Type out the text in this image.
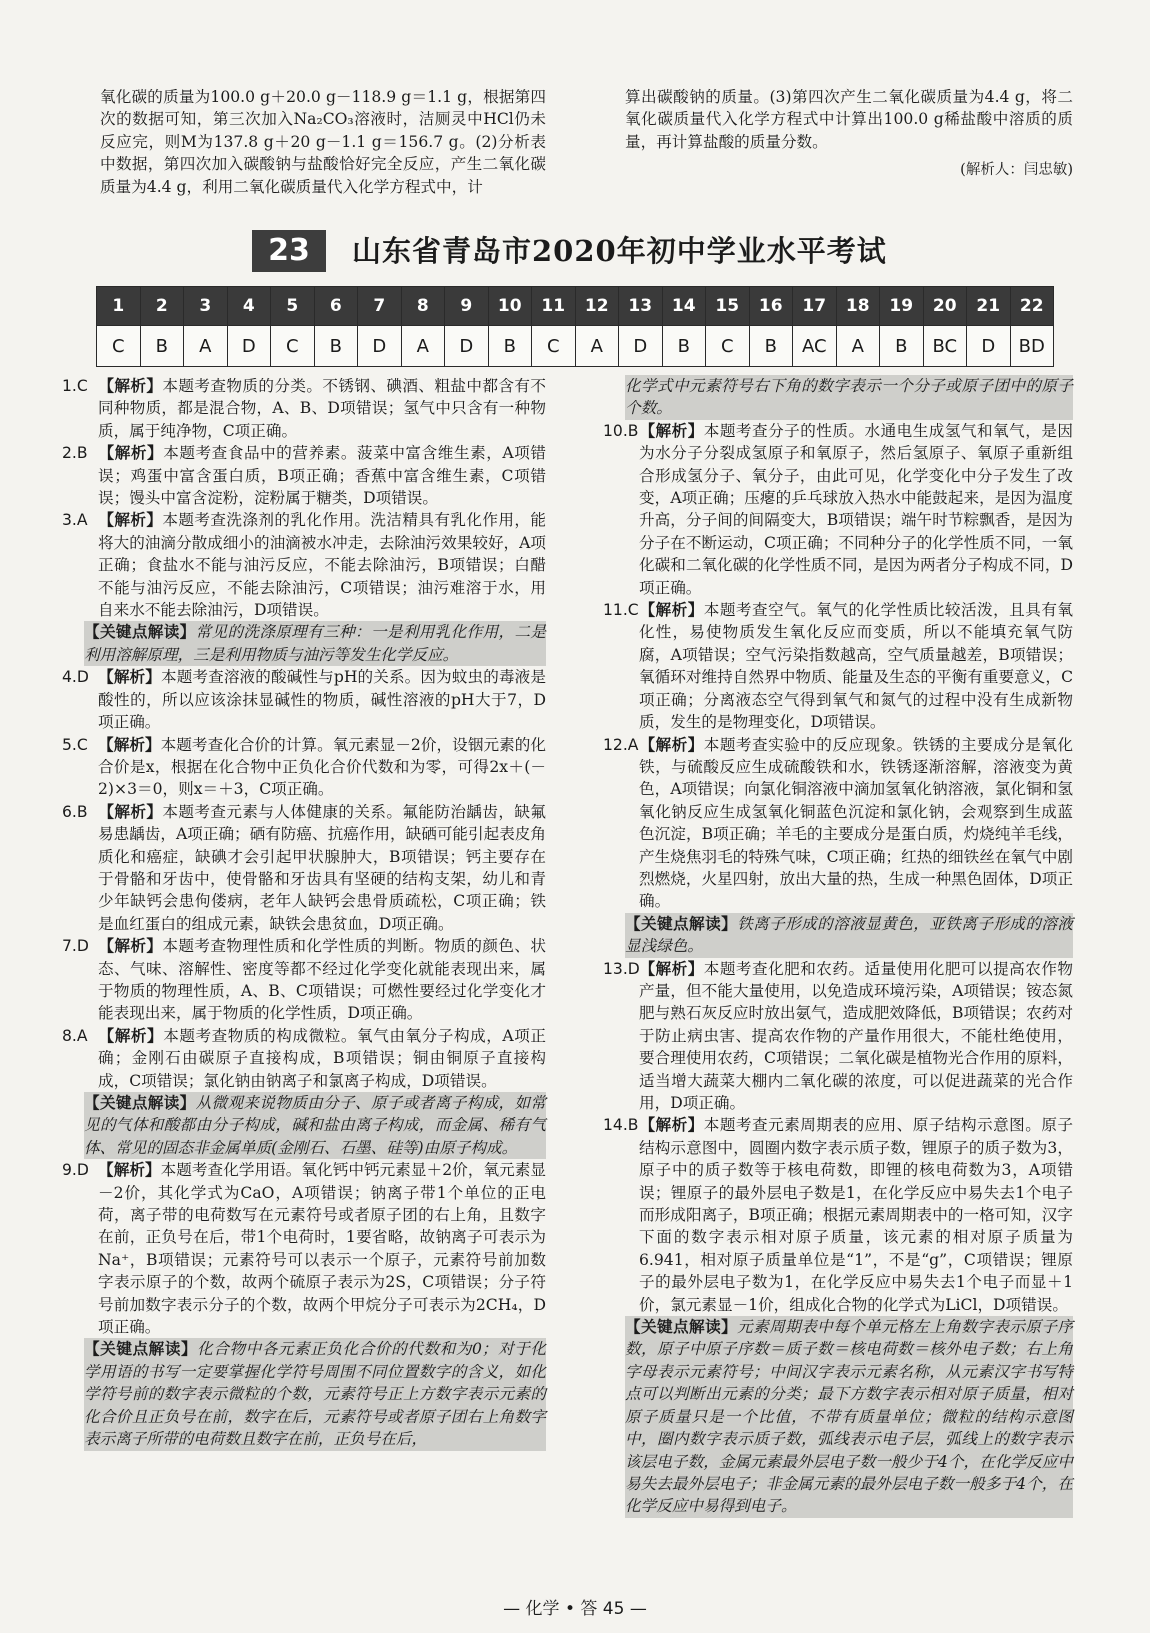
氧化碳的质量为100.0 g＋20.0 g－118.9 g＝1.1 g，根据第四次的数据可知，第三次加入Na₂CO₃溶液时，洁厕灵中HCl仍未反应完，则M为137.8 g＋20 g－1.1 g＝156.7 g。(2)分析表中数据，第四次加入碳酸钠与盐酸恰好完全反应，产生二氧化碳质量为4.4 g，利用二氧化碳质量代入化学方程式中，计

算出碳酸钠的质量。(3)第四次产生二氧化碳质量为4.4 g，将二氧化碳质量代入化学方程式中计算出100.0 g稀盐酸中溶质的质量，再计算盐酸的质量分数。

(解析人：闫忠敏)

23	山东省青岛市2020年初中学业水平考试
1	2	3	4	5	6	7	8	9	10	11	12	13	14	15	16	17	18	19	20	21	22
C	B	A	D	C	B	D	A	D	B	C	A	D	B	C	B	AC	A	B	BC	D	BD

1.C 【解析】本题考查物质的分类。不锈钢、碘酒、粗盐中都含有不同种物质，都是混合物，A、B、D项错误；氢气中只含有一种物质，属于纯净物，C项正确。

2.B 【解析】本题考查食品中的营养素。菠菜中富含维生素，A项错误；鸡蛋中富含蛋白质，B项正确；香蕉中富含维生素，C项错误；馒头中富含淀粉，淀粉属于糖类，D项错误。

3.A 【解析】本题考查洗涤剂的乳化作用。洗洁精具有乳化作用，能将大的油滴分散成细小的油滴被水冲走，去除油污效果较好，A项正确；食盐水不能与油污反应，不能去除油污，B项错误；白醋不能与油污反应，不能去除油污，C项错误；油污难溶于水，用自来水不能去除油污，D项错误。

【关键点解读】常见的洗涤原理有三种：一是利用乳化作用，二是利用溶解原理，三是利用物质与油污等发生化学反应。

4.D 【解析】本题考查溶液的酸碱性与pH的关系。因为蚊虫的毒液是酸性的，所以应该涂抹显碱性的物质，碱性溶液的pH大于7，D项正确。

5.C 【解析】本题考查化合价的计算。氧元素显－2价，设铟元素的化合价是x，根据在化合物中正负化合价代数和为零，可得2x＋(－2)×3＝0，则x＝＋3，C项正确。

6.B 【解析】本题考查元素与人体健康的关系。氟能防治龋齿，缺氟易患龋齿，A项正确；硒有防癌、抗癌作用，缺硒可能引起表皮角质化和癌症，缺碘才会引起甲状腺肿大，B项错误；钙主要存在于骨骼和牙齿中，使骨骼和牙齿具有坚硬的结构支架，幼儿和青少年缺钙会患佝偻病，老年人缺钙会患骨质疏松，C项正确；铁是血红蛋白的组成元素，缺铁会患贫血，D项正确。

7.D 【解析】本题考查物理性质和化学性质的判断。物质的颜色、状态、气味、溶解性、密度等都不经过化学变化就能表现出来，属于物质的物理性质，A、B、C项错误；可燃性要经过化学变化才能表现出来，属于物质的化学性质，D项正确。

8.A 【解析】本题考查物质的构成微粒。氧气由氧分子构成，A项正确；金刚石由碳原子直接构成，B项错误；铜由铜原子直接构成，C项错误；氯化钠由钠离子和氯离子构成，D项错误。

【关键点解读】从微观来说物质由分子、原子或者离子构成，如常见的气体和酸都由分子构成，碱和盐由离子构成，而金属、稀有气体、常见的固态非金属单质(金刚石、石墨、硅等)由原子构成。

9.D 【解析】本题考查化学用语。氧化钙中钙元素显＋2价，氧元素显－2价，其化学式为CaO，A项错误；钠离子带1个单位的正电荷，离子带的电荷数写在元素符号或者原子团的右上角，且数字在前，正负号在后，带1个电荷时，1要省略，故钠离子可表示为Na⁺，B项错误；元素符号可以表示一个原子，元素符号前加数字表示原子的个数，故两个硫原子表示为2S，C项错误；分子符号前加数字表示分子的个数，故两个甲烷分子可表示为2CH₄，D项正确。

【关键点解读】化合物中各元素正负化合价的代数和为0；对于化学用语的书写一定要掌握化学符号周围不同位置数字的含义，如化学符号前的数字表示微粒的个数，元素符号正上方数字表示元素的化合价且正负号在前，数字在后，元素符号或者原子团右上角数字表示离子所带的电荷数且数字在前，正负号在后，

化学式中元素符号右下角的数字表示一个分子或原子团中的原子个数。

10.B【解析】本题考查分子的性质。水通电生成氢气和氧气，是因为水分子分裂成氢原子和氧原子，然后氢原子、氧原子重新组合形成氢分子、氧分子，由此可见，化学变化中分子发生了改变，A项正确；压瘪的乒乓球放入热水中能鼓起来，是因为温度升高，分子间的间隔变大，B项错误；端午时节粽飘香，是因为分子在不断运动，C项正确；不同种分子的化学性质不同，一氧化碳和二氧化碳的化学性质不同，是因为两者分子构成不同，D项正确。

11.C【解析】本题考查空气。氧气的化学性质比较活泼，且具有氧化性，易使物质发生氧化反应而变质，所以不能填充氧气防腐，A项错误；空气污染指数越高，空气质量越差，B项错误；氧循环对维持自然界中物质、能量及生态的平衡有重要意义，C项正确；分离液态空气得到氧气和氮气的过程中没有生成新物质，发生的是物理变化，D项错误。

12.A【解析】本题考查实验中的反应现象。铁锈的主要成分是氧化铁，与硫酸反应生成硫酸铁和水，铁锈逐渐溶解，溶液变为黄色，A项错误；向氯化铜溶液中滴加氢氧化钠溶液，氯化铜和氢氧化钠反应生成氢氧化铜蓝色沉淀和氯化钠，会观察到生成蓝色沉淀，B项正确；羊毛的主要成分是蛋白质，灼烧纯羊毛线，产生烧焦羽毛的特殊气味，C项正确；红热的细铁丝在氧气中剧烈燃烧，火星四射，放出大量的热，生成一种黑色固体，D项正确。

【关键点解读】铁离子形成的溶液显黄色，亚铁离子形成的溶液显浅绿色。

13.D【解析】本题考查化肥和农药。适量使用化肥可以提高农作物产量，但不能大量使用，以免造成环境污染，A项错误；铵态氮肥与熟石灰反应时放出氨气，造成肥效降低，B项错误；农药对于防止病虫害、提高农作物的产量作用很大，不能杜绝使用，要合理使用农药，C项错误；二氧化碳是植物光合作用的原料，适当增大蔬菜大棚内二氧化碳的浓度，可以促进蔬菜的光合作用，D项正确。

14.B【解析】本题考查元素周期表的应用、原子结构示意图。原子结构示意图中，圆圈内数字表示质子数，锂原子的质子数为3，原子中的质子数等于核电荷数，即锂的核电荷数为3，A项错误；锂原子的最外层电子数是1，在化学反应中易失去1个电子而形成阳离子，B项正确；根据元素周期表中的一格可知，汉字下面的数字表示相对原子质量，该元素的相对原子质量为6.941，相对原子质量单位是“1”，不是“g”，C项错误；锂原子的最外层电子数为1，在化学反应中易失去1个电子而显＋1价，氯元素显－1价，组成化合物的化学式为LiCl，D项错误。

【关键点解读】元素周期表中每个单元格左上角数字表示原子序数，原子中原子序数＝质子数＝核电荷数＝核外电子数；右上角字母表示元素符号；中间汉字表示元素名称，从元素汉字书写特点可以判断出元素的分类；最下方数字表示相对原子质量，相对原子质量只是一个比值，不带有质量单位；微粒的结构示意图中，圈内数字表示质子数，弧线表示电子层，弧线上的数字表示该层电子数，金属元素最外层电子数一般少于4个，在化学反应中易失去最外层电子；非金属元素的最外层电子数一般多于4个，在化学反应中易得到电子。

— 化学 • 答 45 —
